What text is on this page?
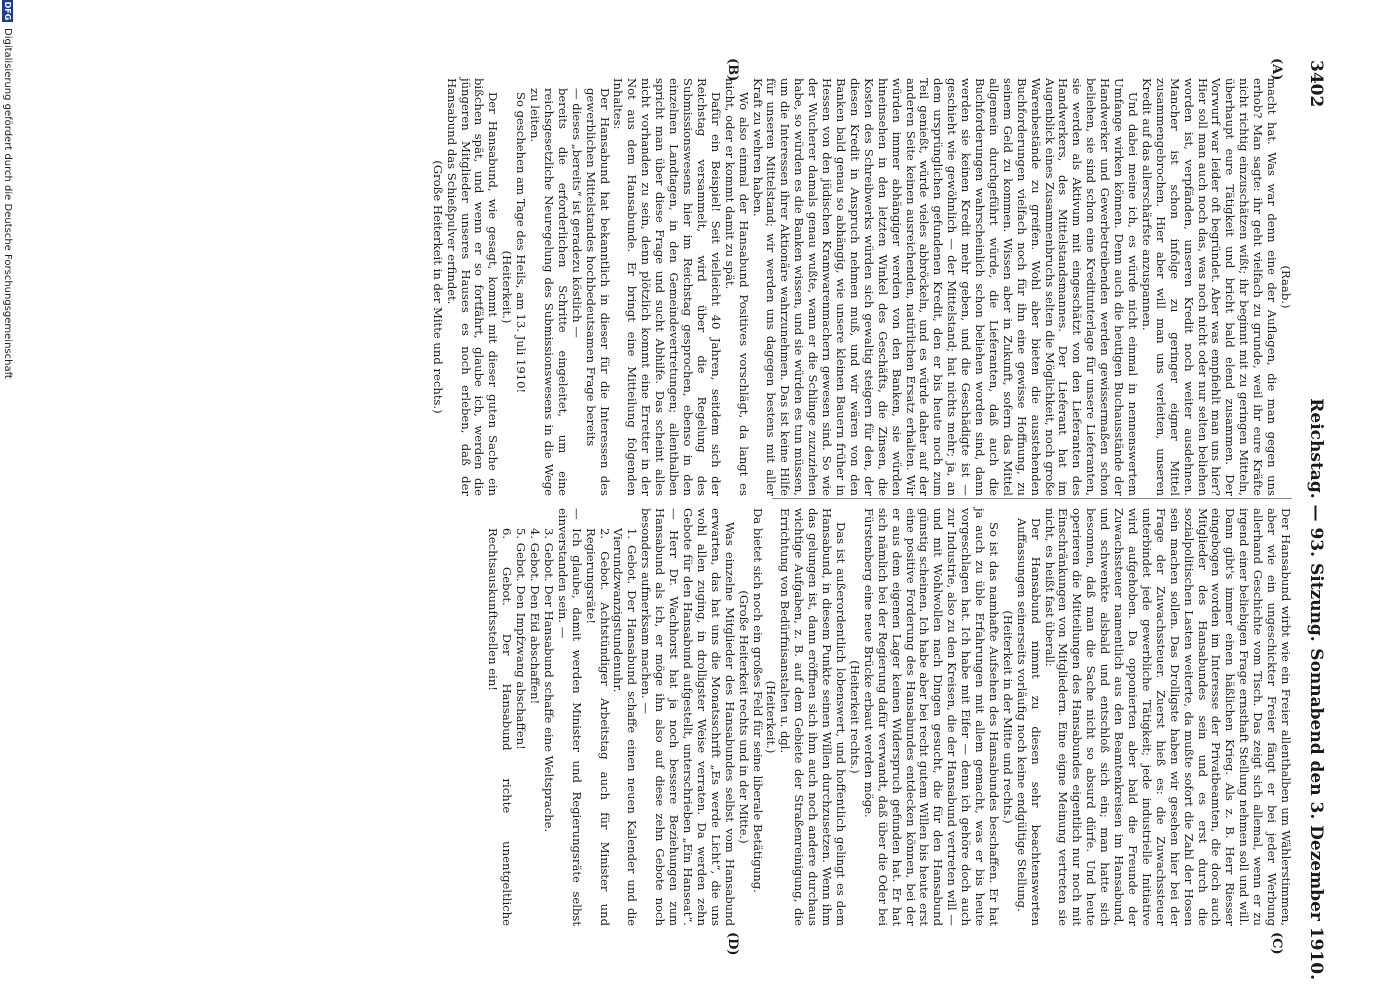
3402
Reichstag. — 93. Sitzung.
Sonnabend den 3. Dezember 1910.
(A)
(B)
(C)
(D)

(Raab.)

macht hat. Was war denn eine der Auflagen, die man gegen uns erhob? Man sagte: ihr geht vielfach zu grunde, weil ihr eure Kräfte nicht richtig einzuschätzen wißt; ihr beginnt mit zu geringen Mitteln, überhaupt eure Tätigkeit und bricht bald elend zusammen. Der Vorwurf war leider oft begründet. Aber was empfiehlt man uns hier? Hier soll man auch noch das, was noch nicht oder nur selten beliehen worden ist, verpfänden, unseren Kredit noch weiter ausdehnen. Mancher ist schon infolge zu geringer eigner Mittel zusammengebrochen. Hier aber will man uns verleiten, unseren Kredit auf das allerschärfste anzuspannen.

Und dabei meine ich, es würde nicht einmal in nennenswertem Umfange wirken können. Denn auch die heutigen Buchausstände der Handwerker und Gewerbetreibenden werden gewissermaßen schon beliehen, sie sind schon eine Kreditunterlage für unsere Lieferanten, sie werden als Aktivum mit eingeschätzt von den Lieferanten des Handwerkers, des Mittelstandsmannes. Der Lieferant hat im Augenblick eines Zusammenbruchs selten die Möglichkeit, noch große Warenbestände zu greifen. Wohl aber bieten die ausstehenden Buchforderungen vielfach noch für ihn eine gewisse Hoffnung, zu seinem Geld zu kommen. Wissen aber in Zukunft, sofern das Mittel allgemein durchgeführt würde, die Lieferanten, daß auch die Buchforderungen wahrscheinlich schon beliehen worden sind, dann werden sie keinen Kredit mehr geben, und die Geschädigte ist — geschieht wie gewöhnlich — der Mittelstand; hat nichts mehr; ja, an dem ursprünglichen gefundenen Kredit, den er bis heute noch zum Teil genießt, würde vieles abbröckeln, und es würde daher auf der anderen Seite keinen ausreichenden, natürlichen Ersatz erhalten. Wir würden immer abhängiger werden von den Banken, sie würden hineinsehen in den letzten Winkel des Geschäfts, die Zinsen, die Kosten des Schreibwerks würden sich gewaltig steigern für den, der diesen Kredit in Anspruch nehmen muß, und wir wären von den Banken bald genau so abhängig, wie unsere kleinen Bauern früher in Hessen von den jüdischen Kramwarenmachern gewesen sind. So wie der Wucherer damals genau wußte, wann er die Schlinge zuzuziehen habe, so würden es die Banken wissen, und sie würden es tun müssen, um die Interessen ihrer Aktionäre wahrzunehmen. Das ist keine Hilfe für unseren Mittelstand; wir werden uns dagegen bestens mit aller Kraft zu wehren haben.

Wo also einmal der Hansabund Positives vorschlägt, da langt es nicht, oder er kommt damit zu spät.

Dafür ein Beispiel! Seit vielleicht 40 Jahren, seitdem sich der Reichstag versammelt, wird über die Regelung des Submissionswesens hier im Reichstag gesprochen, ebenso in den einzelnen Landtagen, in den Gemeindevertretungen; allenthalben spricht man über diese Frage und sucht Abhilfe. Das scheint alles nicht vorhanden zu sein, denn plötzlich kommt eine Erretter in der Not aus dem Hansabunde. Er bringt eine Mitteilung folgenden Inhaltes:

Der Hansabund hat bekanntlich in dieser für die Interessen des gewerblichen Mittelstandes hochbedeutsamen Frage bereits

— dieses „bereits“ ist geradezu köstlich —

bereits die erforderlichen Schritte eingeleitet, um eine reichsgesetzliche Neuregelung des Submissionswesens in die Wege zu leiten.

So geschehen am Tage des Heils, am 13. Juli 1910!

(Heiterkeit.)

Der Hansabund, wie gesagt, kommt mit dieser guten Sache ein bißchen spät, und wenn er so fortfährt, glaube ich, werden die jüngeren Mitglieder unseres Hauses es noch erleben, daß der Hansabund das Schießpulver erfindet.

(Große Heiterkeit in der Mitte und rechts.)

Der Hansabund wirbt wie ein Freier allenthalben um Wählerstimmen, aber wie ein ungeschickter Freier fängt er bei jeder Werbung allerhand Geschichte vom Tisch. Das zeigt sich allemal, wenn er zu irgend einer beliebigen Frage ernsthaft Stellung nehmen soll und will. Dann gibt's immer einen häßlichen Krieg. Als z. B. Herr Riesser eingebogen worden im Interesse der Privatbeamten, die doch auch Mitglieder des Hansabundes sein und es erst durch die sozialpolitischen Lasten weiterte, da mußte sofort die Zahl der Hosen sein machen sollen. Das Drolligste haben wir gesehen hier bei der Frage der Zuwachssteuer. Zuerst hieß es: die Zuwachssteuer unterbindet jede gewerbliche Tätigkeit; jede industrielle Initiative wird aufgehoben. Da opponierten aber bald die Freunde der Zuwachssteuer namentlich aus den Beamtenkreisen im Hansabund, und schwenkte alsbald und entschloß sich ein; man hatte sich besonnen, daß man die Sache nicht so absurd dürfe. Und heute operieren die Mitteilungen des Hansabundes eigentlich nur noch mit Einschränkungen von Mitgliedern. Eine eigne Meinung vertreten sie nicht, es heißt fast überall:

Der Hansabund nimmt zu diesen sehr beachtenswerten Auffassungen seinerseits vorläufig noch keine endgültige Stellung.

(Heiterkeit in der Mitte und rechts.)

So ist das namhafte Aufsehen des Hansabundes beschaffen. Er hat ja auch zu üble Erfahrungen mit allem gemacht, was er bis heute vorgeschlagen hat. Ich habe mit Eifer — denn ich gehöre doch auch zur Industrie, also zu den Kreisen, die der Hansabund vertreten will — und mit Wohlwollen nach Dingen gesucht, die für den Hansabund günstig scheinen. Ich habe aber bei recht gutem Willen bis heute erst eine positive Forderung des Hansabundes entdecken können, bei der er aus dem eigenen Lager keinen Widerspruch gefunden hat. Er hat sich nämlich bei der Regierung dafür verwandt, daß über die Oder bei Fürstenberg eine neue Brücke erbaut werden möge.

(Heiterkeit rechts.)

Das ist außerordentlich lobenswert, und hoffentlich gelingt es dem Hansabund, in diesem Punkte seinen Willen durchzusetzen. Wenn ihm das gelungen ist, dann eröffnen sich ihm auch noch andere durchaus wichtige Aufgaben, z. B. auf dem Gebiete der Straßenreinigung, die Errichtung von Bedürfnisanstalten u. dgl.

(Heiterkeit.)

Da bietet sich noch ein großes Feld für seine liberale Betätigung.

(Große Heiterkeit rechts und in der Mitte.)

Was einzelne Mitglieder des Hansabundes selbst vom Hansabund erwarten, das hat uns die Monatsschrift „Es werde Licht“, die uns wohl allen zuging, in drolligster Weise verraten. Da werden zehn Gebote für den Hansabund aufgestellt, unterschrieben „Ein Hanseat“. — Herr Dr. Wachhorst hat ja noch bessere Beziehungen zum Hansabund als ich, er möge ihn also auf diese zehn Gebote noch besonders aufmerksam machen. —

1. Gebot. Der Hansabund schaffe einen neuen Kalender und die Vierundzwanzigstundenuhr.

2. Gebot. Achtstündiger Arbeitstag auch für Minister und Regierungsräte!

— Ich glaube, damit werden Minister und Regierungsräte selbst einverstanden sein. —

3. Gebot. Der Hansabund schaffe eine Weltsprache.

4. Gebot. Den Eid abschaffen!

5. Gebot. Den Impfzwang abschaffen!

6. Gebot. Der Hansabund richte unentgeltliche Rechtsauskunftsstellen ein!

DFG
Digitalisierung gefördert durch die Deutsche Forschungsgemeinschaft
